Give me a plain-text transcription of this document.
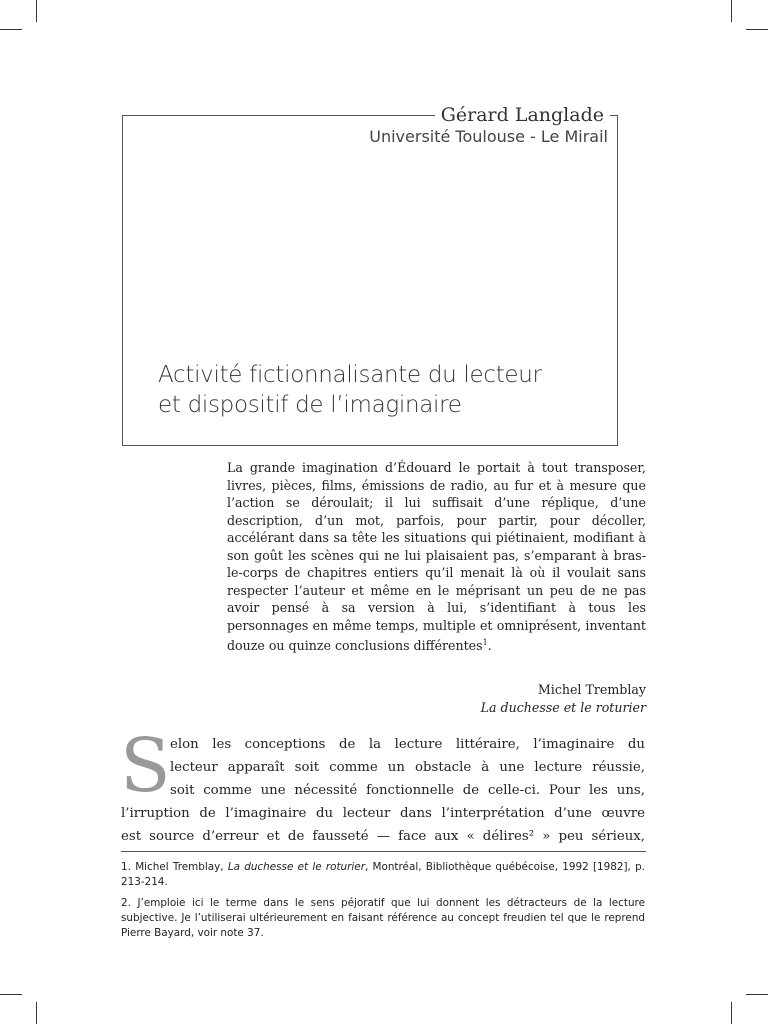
Gérard Langlade
Université Toulouse - Le Mirail
Activité fictionnalisante du lecteur
et dispositif de l’imaginaire
La grande imagination d’Édouard le portait à tout transposer, livres, pièces, films, émissions de radio, au fur et à mesure que l’action se déroulait; il lui suffisait d’une réplique, d’une description, d’un mot, parfois, pour partir, pour décoller, accélérant dans sa tête les situations qui piétinaient, modifiant à son goût les scènes qui ne lui plaisaient pas, s’emparant à bras-le-corps de chapitres entiers qu’il menait là où il voulait sans respecter l’auteur et même en le méprisant un peu de ne pas avoir pensé à sa version à lui, s’identifiant à tous les personnages en même temps, multiple et omniprésent, inventant douze ou quinze conclusions différentes$^1$.
Michel Tremblay
La duchesse et le roturier
S elon les conceptions de la lecture littéraire, l’imaginaire du
lecteur apparaît soit comme un obstacle à une lecture réussie,
soit comme une nécessité fonctionnelle de celle-ci. Pour les uns,
l’irruption de l’imaginaire du lecteur dans l’interprétation d’une œuvre
est source d’erreur et de fausseté — face aux « délires² » peu sérieux,
1. Michel Tremblay, La duchesse et le roturier, Montréal, Bibliothèque québécoise, 1992 [1982], p. 213-214.
2. J’emploie ici le terme dans le sens péjoratif que lui donnent les détracteurs de la lecture subjective. Je l’utiliserai ultérieurement en faisant référence au concept freudien tel que le reprend Pierre Bayard, voir note 37.
